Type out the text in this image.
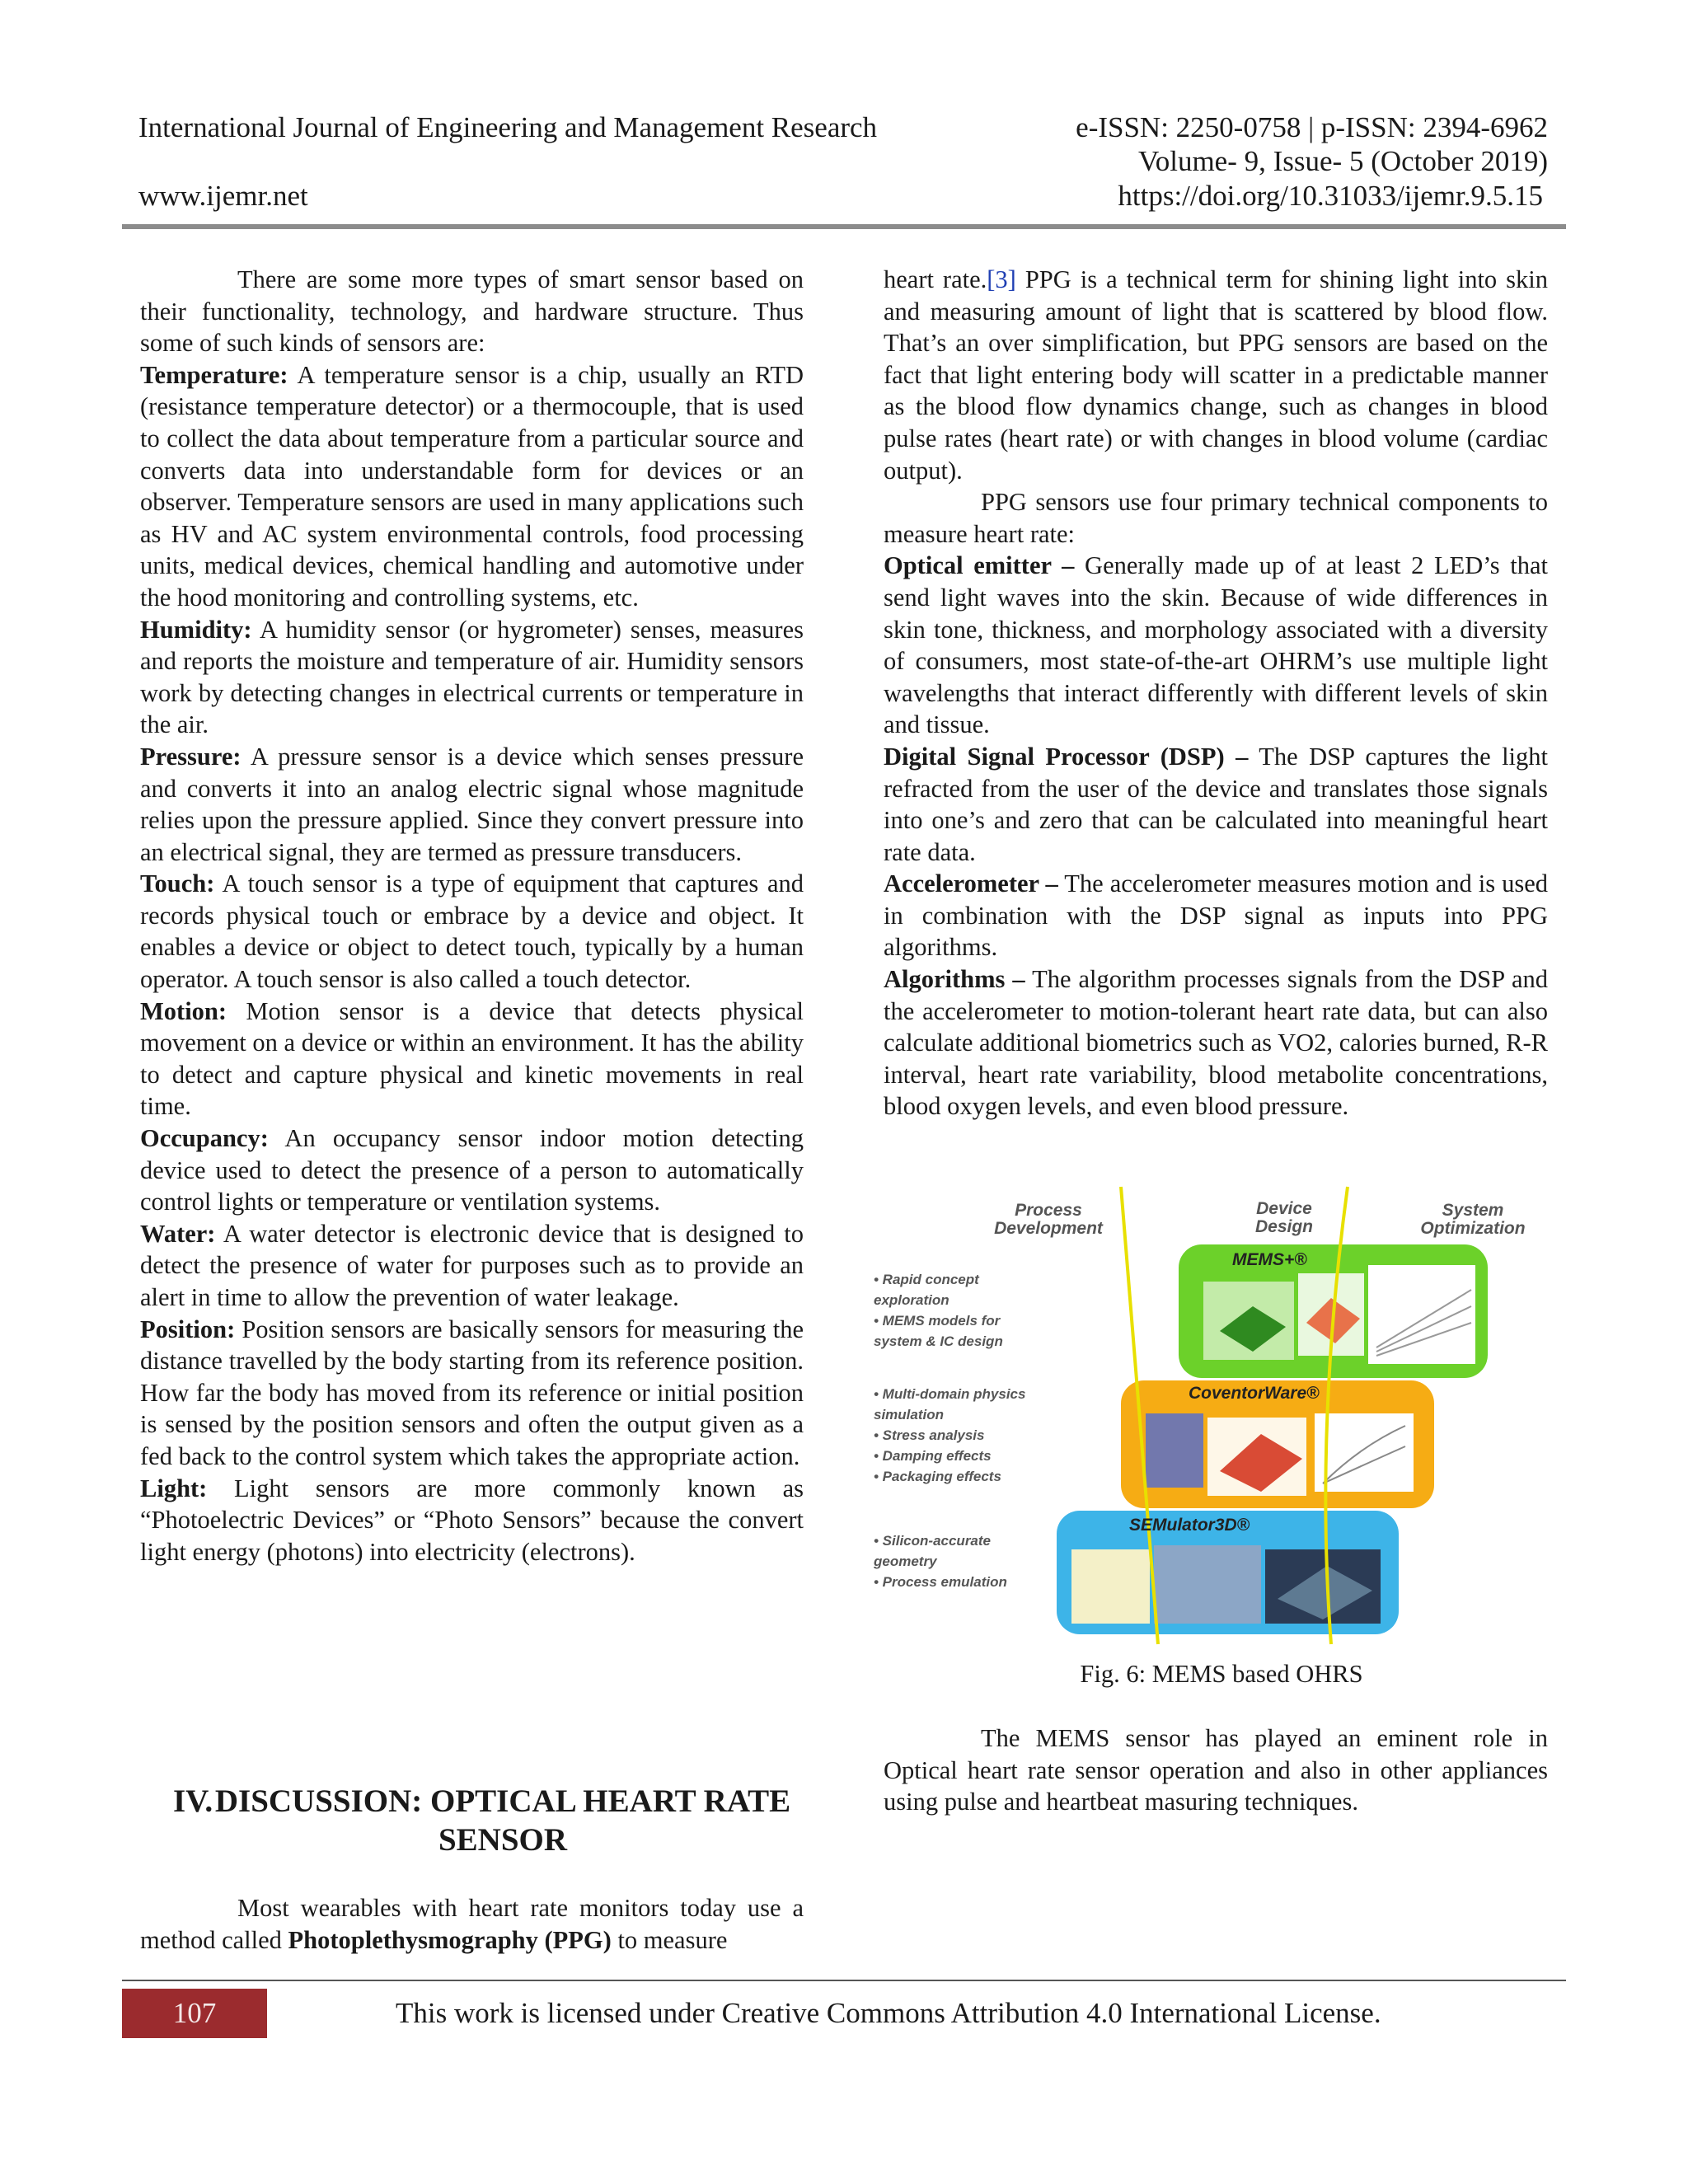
International Journal of Engineering and Management Research	e-ISSN: 2250-0758 | p-ISSN: 2394-6962
Volume- 9, Issue- 5 (October 2019)
www.ijemr.net	https://doi.org/10.31033/ijemr.9.5.15

There are some more types of smart sensor based on their functionality, technology, and hardware structure. Thus some of such kinds of sensors are:

Temperature: A temperature sensor is a chip, usually an RTD (resistance temperature detector) or a thermocouple, that is used to collect the data about temperature from a particular source and converts data into understandable form for devices or an observer. Temperature sensors are used in many applications such as HV and AC system environmental controls, food processing units, medical devices, chemical handling and automotive under the hood monitoring and controlling systems, etc.

Humidity: A humidity sensor (or hygrometer) senses, measures and reports the moisture and temperature of air. Humidity sensors work by detecting changes in electrical currents or temperature in the air.

Pressure: A pressure sensor is a device which senses pressure and converts it into an analog electric signal whose magnitude relies upon the pressure applied. Since they convert pressure into an electrical signal, they are termed as pressure transducers.

Touch: A touch sensor is a type of equipment that captures and records physical touch or embrace by a device and object. It enables a device or object to detect touch, typically by a human operator. A touch sensor is also called a touch detector.

Motion: Motion sensor is a device that detects physical movement on a device or within an environment. It has the ability to detect and capture physical and kinetic movements in real time.

Occupancy: An occupancy sensor indoor motion detecting device used to detect the presence of a person to automatically control lights or temperature or ventilation systems.

Water: A water detector is electronic device that is designed to detect the presence of water for purposes such as to provide an alert in time to allow the prevention of water leakage.

Position: Position sensors are basically sensors for measuring the distance travelled by the body starting from its reference position. How far the body has moved from its reference or initial position is sensed by the position sensors and often the output given as a fed back to the control system which takes the appropriate action.

Light: Light sensors are more commonly known as “Photoelectric Devices” or “Photo Sensors” because the convert light energy (photons) into electricity (electrons).

IV. DISCUSSION: OPTICAL HEART RATE SENSOR

Most wearables with heart rate monitors today use a method called Photoplethysmography (PPG) to measure

heart rate.[3] PPG is a technical term for shining light into skin and measuring amount of light that is scattered by blood flow. That’s an over simplification, but PPG sensors are based on the fact that light entering body will scatter in a predictable manner as the blood flow dynamics change, such as changes in blood pulse rates (heart rate) or with changes in blood volume (cardiac output).

PPG sensors use four primary technical components to measure heart rate:

Optical emitter – Generally made up of at least 2 LED’s that send light waves into the skin. Because of wide differences in skin tone, thickness, and morphology associated with a diversity of consumers, most state-of-the-art OHRM’s use multiple light wavelengths that interact differently with different levels of skin and tissue.

Digital Signal Processor (DSP) – The DSP captures the light refracted from the user of the device and translates those signals into one’s and zero that can be calculated into meaningful heart rate data.

Accelerometer – The accelerometer measures motion and is used in combination with the DSP signal as inputs into PPG algorithms.

Algorithms – The algorithm processes signals from the DSP and the accelerometer to motion-tolerant heart rate data, but can also calculate additional biometrics such as VO2, calories burned, R-R interval, heart rate variability, blood metabolite concentrations, blood oxygen levels, and even blood pressure.

Process
Development
Device
Design
System
Optimization
MEMS+®
CoventorWare®
SEMulator3D®
• Rapid concept
exploration
• MEMS models for
system & IC design
• Multi-domain physics
simulation
• Stress analysis
• Damping effects
• Packaging effects
• Silicon-accurate
geometry
• Process emulation
Fig. 6: MEMS based OHRS

The MEMS sensor has played an eminent role in Optical heart rate sensor operation and also in other appliances using pulse and heartbeat masuring techniques.

107	This work is licensed under Creative Commons Attribution 4.0 International License.
